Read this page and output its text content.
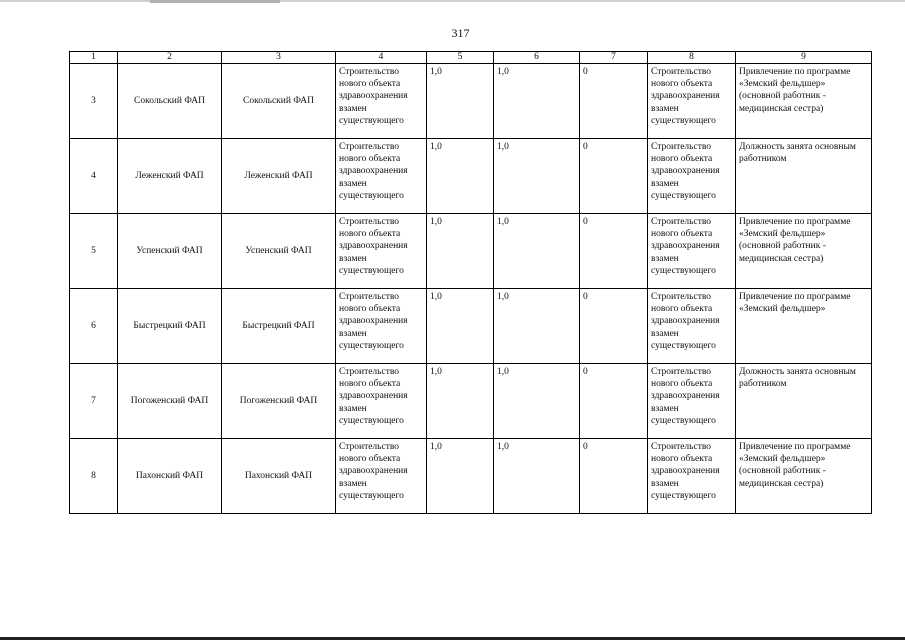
317
1	2	3	4	5	6	7	8	9
3	Сокольский ФАП	Сокольский ФАП	Строительство нового объекта здравоохранения взамен существующего	1,0	1,0	0	Строительство нового объекта здравоохранения взамен существующего	Привлечение по программе «Земский фельдшер» (основной работник - медицинская сестра)
4	Леженский ФАП	Леженский ФАП	Строительство нового объекта здравоохранения взамен существующего	1,0	1,0	0	Строительство нового объекта здравоохранения взамен существующего	Должность занята основным работником
5	Успенский ФАП	Успенский ФАП	Строительство нового объекта здравоохранения взамен существующего	1,0	1,0	0	Строительство нового объекта здравоохранения взамен существующего	Привлечение по программе «Земский фельдшер» (основной работник - медицинская сестра)
6	Быстрецкий ФАП	Быстрецкий ФАП	Строительство нового объекта здравоохранения взамен существующего	1,0	1,0	0	Строительство нового объекта здравоохранения взамен существующего	Привлечение по программе «Земский фельдшер»
7	Погоженский ФАП	Погоженский ФАП	Строительство нового объекта здравоохранения взамен существующего	1,0	1,0	0	Строительство нового объекта здравоохранения взамен существующего	Должность занята основным работником
8	Пахонский ФАП	Пахонский ФАП	Строительство нового объекта здравоохранения взамен существующего	1,0	1,0	0	Строительство нового объекта здравоохранения взамен существующего	Привлечение по программе «Земский фельдшер» (основной работник - медицинская сестра)
